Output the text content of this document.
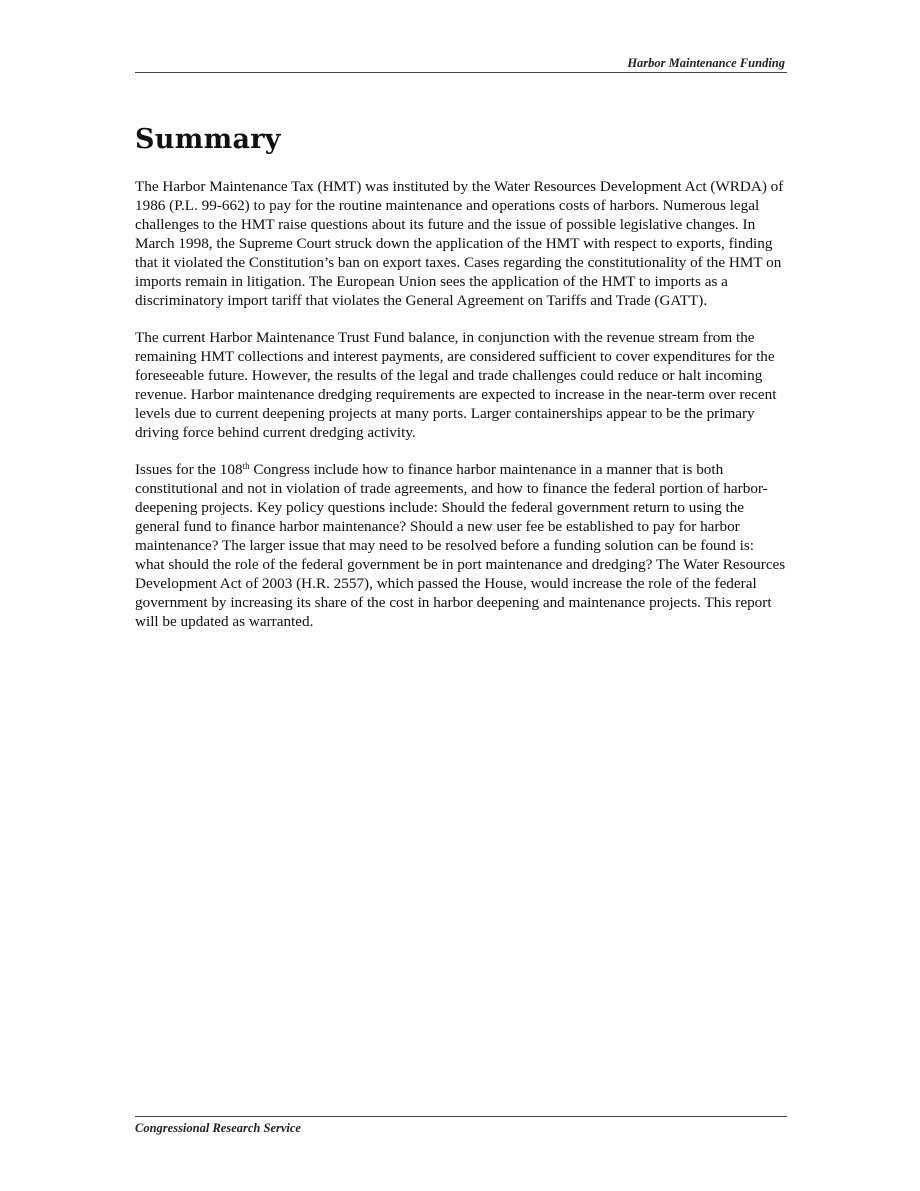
Harbor Maintenance Funding
Summary

The Harbor Maintenance Tax (HMT) was instituted by the Water Resources Development Act (WRDA) of 1986 (P.L. 99-662) to pay for the routine maintenance and operations costs of harbors. Numerous legal challenges to the HMT raise questions about its future and the issue of possible legislative changes. In March 1998, the Supreme Court struck down the application of the HMT with respect to exports, finding that it violated the Constitution’s ban on export taxes. Cases regarding the constitutionality of the HMT on imports remain in litigation. The European Union sees the application of the HMT to imports as a discriminatory import tariff that violates the General Agreement on Tariffs and Trade (GATT).

The current Harbor Maintenance Trust Fund balance, in conjunction with the revenue stream from the remaining HMT collections and interest payments, are considered sufficient to cover expenditures for the foreseeable future. However, the results of the legal and trade challenges could reduce or halt incoming revenue. Harbor maintenance dredging requirements are expected to increase in the near-term over recent levels due to current deepening projects at many ports. Larger containerships appear to be the primary driving force behind current dredging activity.

Issues for the 108th Congress include how to finance harbor maintenance in a manner that is both constitutional and not in violation of trade agreements, and how to finance the federal portion of harbor-deepening projects. Key policy questions include: Should the federal government return to using the general fund to finance harbor maintenance? Should a new user fee be established to pay for harbor maintenance? The larger issue that may need to be resolved before a funding solution can be found is: what should the role of the federal government be in port maintenance and dredging? The Water Resources Development Act of 2003 (H.R. 2557), which passed the House, would increase the role of the federal government by increasing its share of the cost in harbor deepening and maintenance projects. This report will be updated as warranted.

Congressional Research Service
